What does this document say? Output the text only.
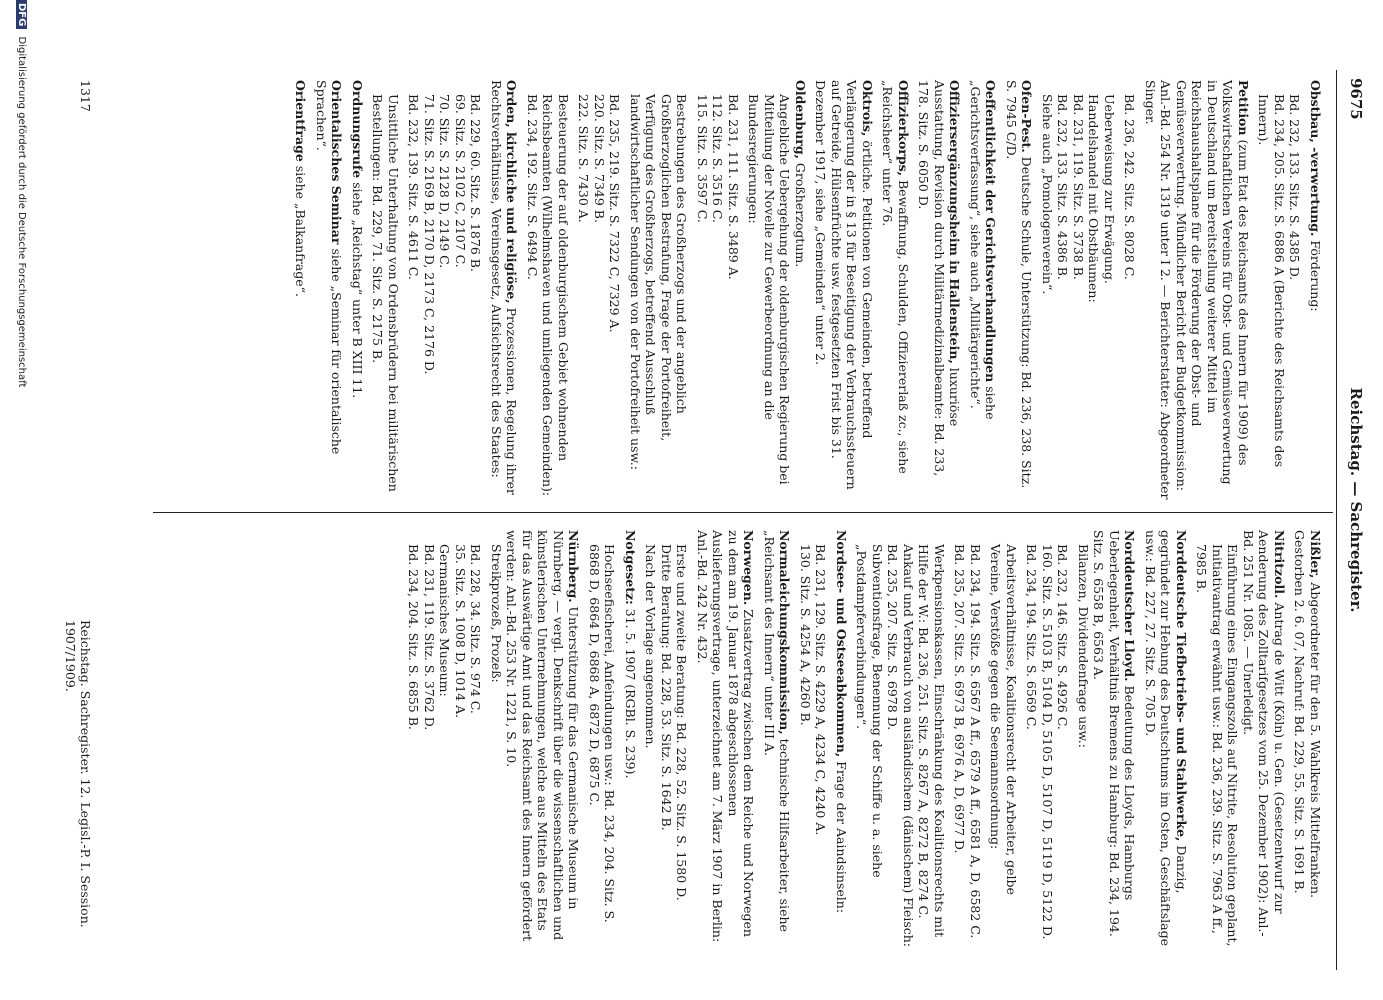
9675
Reichstag. — Sachregister.
Obstbau, -verwertung. Förderung:
Bd. 232, 133. Sitz. S. 4385 D.
Bd. 234, 205. Sitz. S. 6886 A (Berichte des Reichsamts des Innern).
Petition (zum Etat des Reichsamts des Innern für 1909) des Volkswirtschaftlichen Vereins für Obst- und Gemüseverwertung in Deutschland um Bereitstellung weiterer Mittel im Reichshaushaltsplane für die Förderung der Obst- und Gemüseverwertung. Mündlicher Bericht der Budgetkommission: Anl.-Bd. 254 Nr. 1319 unter I 2. — Berichterstatter: Abgeordneter Singer.
Bd. 236, 242. Sitz. S. 8028 C.
Ueberweisung zur Erwägung.
Handelshandel mit Obstbäumen:
Bd. 231, 119. Sitz. S. 3738 B.
Bd. 232, 133. Sitz. S. 4386 B.
Siehe auch „Pomologenverein“.
Ofen-Pest. Deutsche Schule, Unterstützung: Bd. 236, 238. Sitz. S. 7945 C/D.
Oeffentlichkeit der Gerichtsverhandlungen siehe „Gerichtsverfassung“, siehe auch „Militärgerichte“.
Offiziersergänzungsheim in Hallenstein, luxuriöse Ausstattung, Revision durch Militärmedizinalbeamte: Bd. 233, 178. Sitz. S. 6050 D.
Offizierkorps, Bewaffnung, Schulden, Offiziererlaß zc., siehe „Reichsheer“ unter 76.
Oktrois, örtliche. Petitionen von Gemeinden, betreffend Verlängerung der in § 13 für Beseitigung der Verbrauchssteuern auf Getreide, Hülsenfrüchte usw. festgesetzten Frist bis 31. Dezember 1917, siehe „Gemeinden“ unter 2.
Oldenburg, Großherzogtum.
Angebliche Uebergehung der oldenburgischen Regierung bei Mitteilung der Novelle zur Gewerbeordnung an die Bundesregierungen:
Bd. 231, 111. Sitz. S. 3489 A.
112. Sitz. S. 3516 C.
115. Sitz. S. 3597 C.
Bestrebungen des Großherzogs und der angeblich Großherzoglichen Bestrafung, Frage der Portofreiheit, Verfügung des Großherzogs, betreffend Ausschluß landwirtschaftlicher Sendungen von der Portofreiheit usw.:
Bd. 235, 219. Sitz. S. 7322 C, 7329 A.
220. Sitz. S. 7349 B.
222. Sitz. S. 7430 A.
Besteuerung der auf oldenburgischem Gebiet wohnenden Reichsbeamten (Wilhelmshaven und umliegenden Gemeinden): Bd. 234, 192. Sitz. S. 6494 C.
Orden, kirchliche und religiöse, Prozessionen, Regelung ihrer Rechtsverhältnisse, Vereinsgesetz, Aufsichtsrecht des Staates:
Bd. 229, 60. Sitz. S. 1876 B.
69. Sitz. S. 2102 C, 2107 C.
70. Sitz. S. 2128 D, 2149 C.
71. Sitz. S. 2169 B, 2170 D, 2173 C, 2176 D.
Bd. 232, 139. Sitz. S. 4611 C.
Unsittliche Unterhaltung von Ordensbrüdern bei militärischen Bestellungen: Bd. 229, 71. Sitz. S. 2175 B.
Ordnungsrufe siehe „Reichstag“ unter B XIII 11.
Orientalisches Seminar siehe „Seminar für orientalische Sprachen“.
Orientfrage siehe „Balkanfrage“.
Nißler, Abgeordneter für den 5. Wahlkreis Mittelfranken. Gestorben 2. 6. 07, Nachruf: Bd. 229, 55. Sitz. S. 1691 B.
Nitritzoll. Antrag de Witt (Köln) u. Gen. (Gesetzentwurf zur Aenderung des Zolltarifgesetzes vom 25. Dezember 1902): Anl.-Bd. 251 Nr. 1085. — Unerledigt.
Einführung eines Eingangszolls auf Nitrite, Resolution geplant, Initiativantrag erwähnt usw.: Bd. 236, 239. Sitz. S. 7963 A ff., 7985 B.
Norddeutsche Tiefbetriebs- und Stahlwerke, Danzig, gegründet zur Hebung des Deutschtums im Osten, Geschäftslage usw.: Bd. 227, 27. Sitz. S. 705 D.
Norddeutscher Lloyd. Bedeutung des Lloyds, Hamburgs Ueberlegenheit, Verhältnis Bremens zu Hamburg: Bd. 234, 194. Sitz. S. 6558 B, 6563 A.
Bilanzen, Dividendenfrage usw.:
Bd. 232, 146. Sitz. S. 4926 C.
160. Sitz. S. 5103 B, 5104 D, 5105 D, 5107 D, 5119 D, 5122 D.
Bd. 234, 194. Sitz. S. 6569 C.
Arbeitsverhältnisse, Koalitionsrecht der Arbeiter, gelbe Vereine, Verstöße gegen die Seemannsordnung:
Bd. 234, 194. Sitz. S. 6567 A ff., 6579 A ff., 6581 A, D, 6582 C.
Bd. 235, 207. Sitz. S. 6973 B, 6976 A, D, 6977 D.
Werkpensionskassen, Einschränkung des Koalitionsrechts mit Hilfe der W.: Bd. 236, 251. Sitz. S. 8267 A, 8272 B, 8274 C.
Ankauf und Verbrauch von ausländischem (dänischem) Fleisch: Bd. 235, 207. Sitz. S. 6978 D.
Subventionsfrage, Benennung der Schiffe u. a. siehe „Postdampferverbindungen“.
Nordsee- und Ostseeabkommen, Frage der Aaindsinseln:
Bd. 231, 129. Sitz. S. 4229 A, 4234 C, 4240 A.
130. Sitz. S. 4254 A, 4260 B.
Normaleichungskommission, technische Hilfsarbeiter, siehe „Reichsamt des Innern“ unter III A.
Norwegen. Zusatzvertrag zwischen dem Reiche und Norwegen zu dem am 19. Januar 1878 abgeschlossenen Auslieferungsvertrage, unterzeichnet am 7. März 1907 in Berlin: Anl.-Bd. 242 Nr. 432.
Erste und zweite Beratung: Bd. 228, 52. Sitz. S. 1580 D.
Dritte Beratung: Bd. 228, 53. Sitz. S. 1642 B.
Nach der Vorlage angenommen.
Notgesetz: 31. 5. 1907 (RGBl. S. 239).
Hochseefischerei, Anfeindungen usw.: Bd. 234, 204. Sitz. S. 6868 D, 6864 D, 6868 A, 6872 D, 6875 C.
Nürnberg. Unterstützung für das Germanische Museum in Nürnberg, — vergl. Denkschrift über die wissenschaftlichen und künstlerischen Unternehmungen, welche aus Mitteln des Etats für das Auswärtige Amt und das Reichsamt des Innern gefördert werden: Anl.-Bd. 253 Nr. 1221, S. 10.
Streikprozeß, Prozeß:
Bd. 228, 34. Sitz. S. 974 C.
35. Sitz. S. 1008 D, 1014 A.
Germanisches Museum:
Bd. 231, 119. Sitz. S. 3762 D.
Bd. 234, 204. Sitz. S. 6855 B.
1317
Reichstag. Sachregister. 12. Legisl.-P. I. Session. 1907/1909.
DFG Digitalisierung gefördert durch die Deutsche Forschungsgemeinschaft
